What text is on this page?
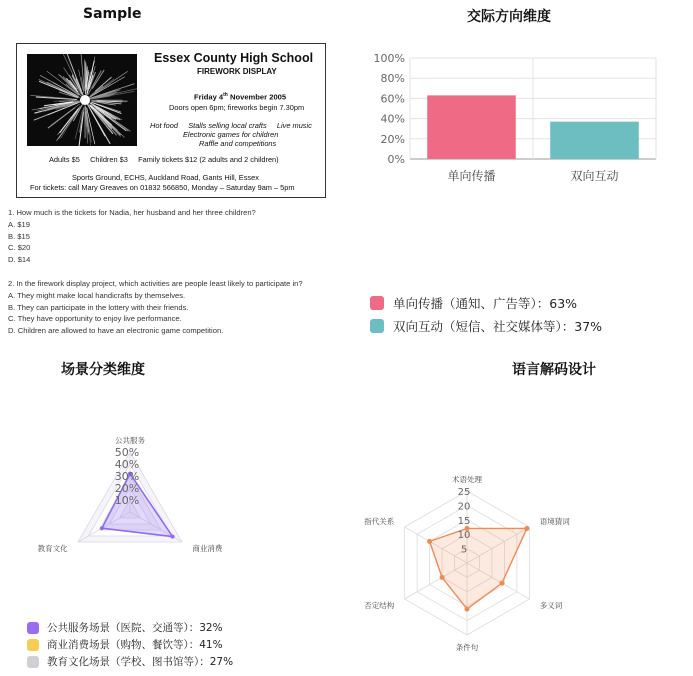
Sample	交际方向维度
场景分类维度	语言解码设计
Essex County High School
FIREWORK DISPLAY
Friday 4th November 2005
Doors open 6pm; fireworks begin 7.30pm
Hot food     Stalls selling local crafts     Live music
Electronic games for children
Raffle and competitions
Adults $5     Children $3     Family tickets $12 (2 adults and 2 children)
Sports Ground, ECHS, Auckland Road, Gants Hill, Essex
For tickets: call Mary Greaves on 01832 566850, Monday – Saturday 9am – 5pm

1. How much is the tickets for Nadia, her husband and her three children?

A. $19

B. $15

C. $20

D. $14

2. In the firework display project, which activities are people least likely to participate in?

A. They might make local handicrafts by themselves.

B. They can participate in the lottery with their friends.

C. They have opportunity to enjoy live performance.

D. Children are allowed to have an electronic game competition.

0%
20%
40%
60%
80%
100%
单向传播	双向互动
单向传播（通知、广告等）：63%
双向互动（短信、社交媒体等）：37%
10%
20%
30%
40%
50%
公共服务
商业消费
教育文化
公共服务场景（医院、交通等）：32%
商业消费场景（购物、餐饮等）：41%
教育文化场景（学校、图书馆等）：27%
5
10
15
20
25
术语处理
语境猜词
多义词
条件句
否定结构
指代关系
